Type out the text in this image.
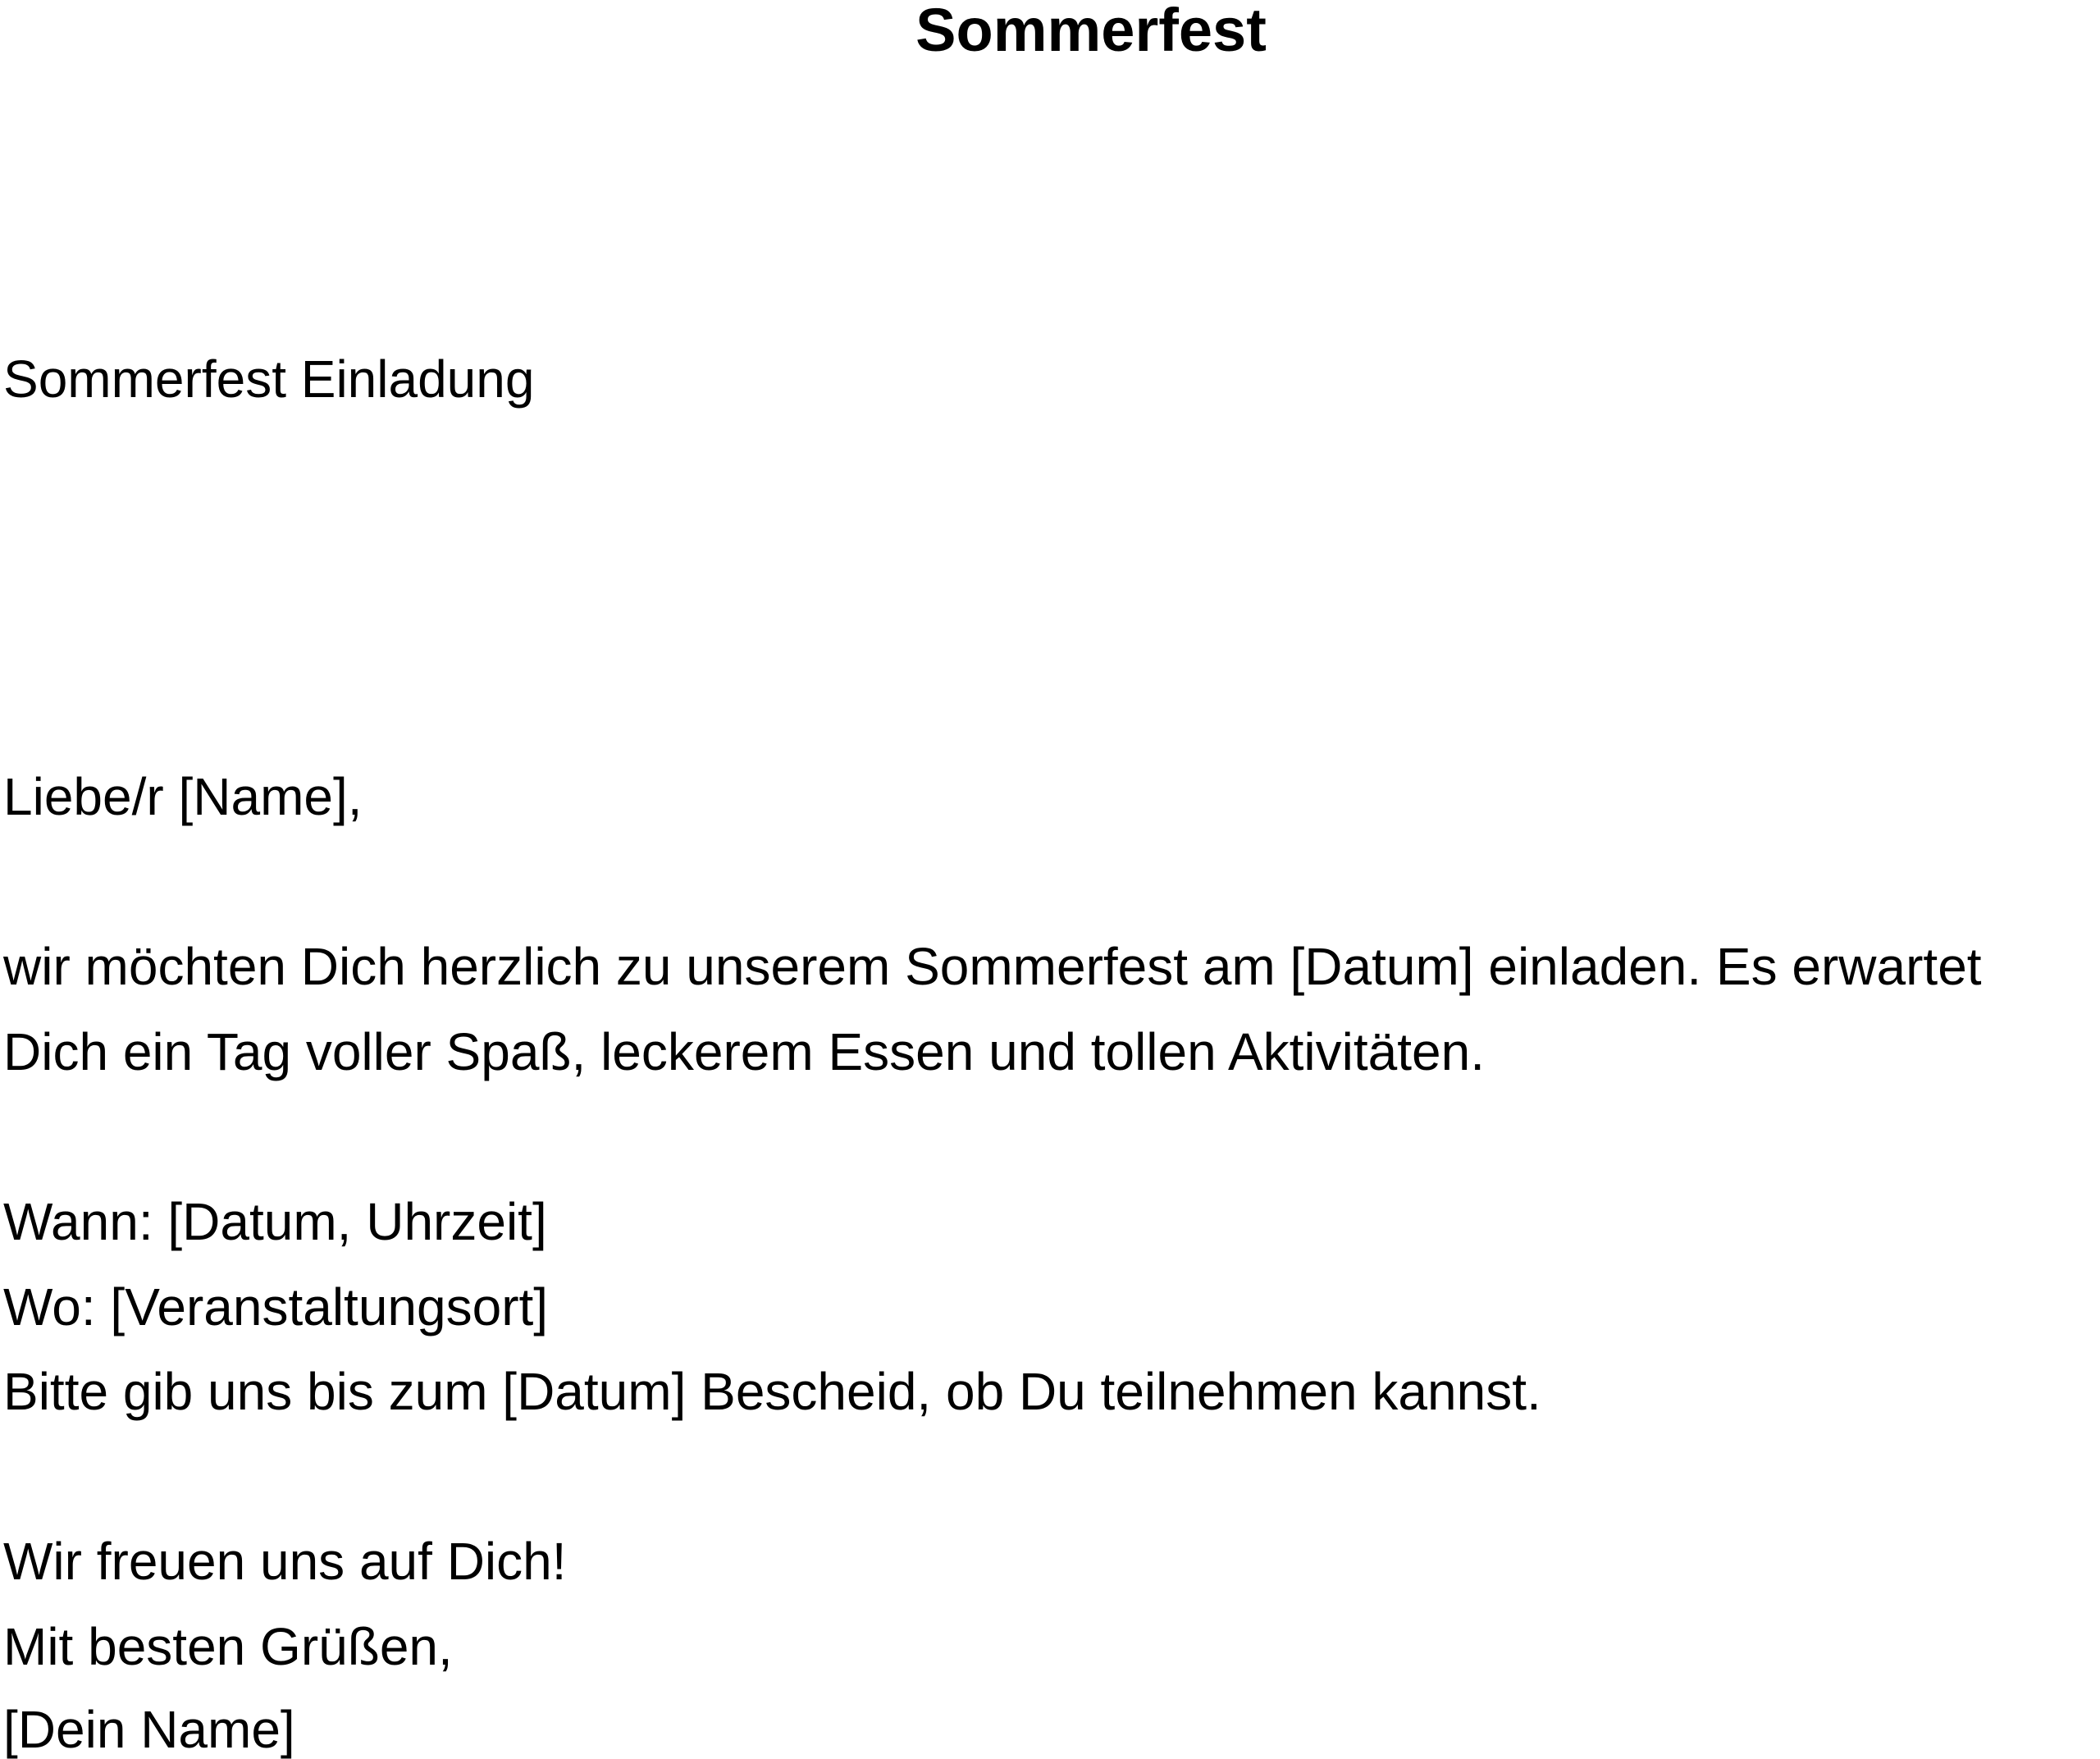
Sommerfest

Sommerfest Einladung

Liebe/r [Name],

wir möchten Dich herzlich zu unserem Sommerfest am [Datum] einladen. Es erwartet

Dich ein Tag voller Spaß, leckerem Essen und tollen Aktivitäten.

Wann: [Datum, Uhrzeit]

Wo: [Veranstaltungsort]

Bitte gib uns bis zum [Datum] Bescheid, ob Du teilnehmen kannst.

Wir freuen uns auf Dich!

Mit besten Grüßen,

[Dein Name]
